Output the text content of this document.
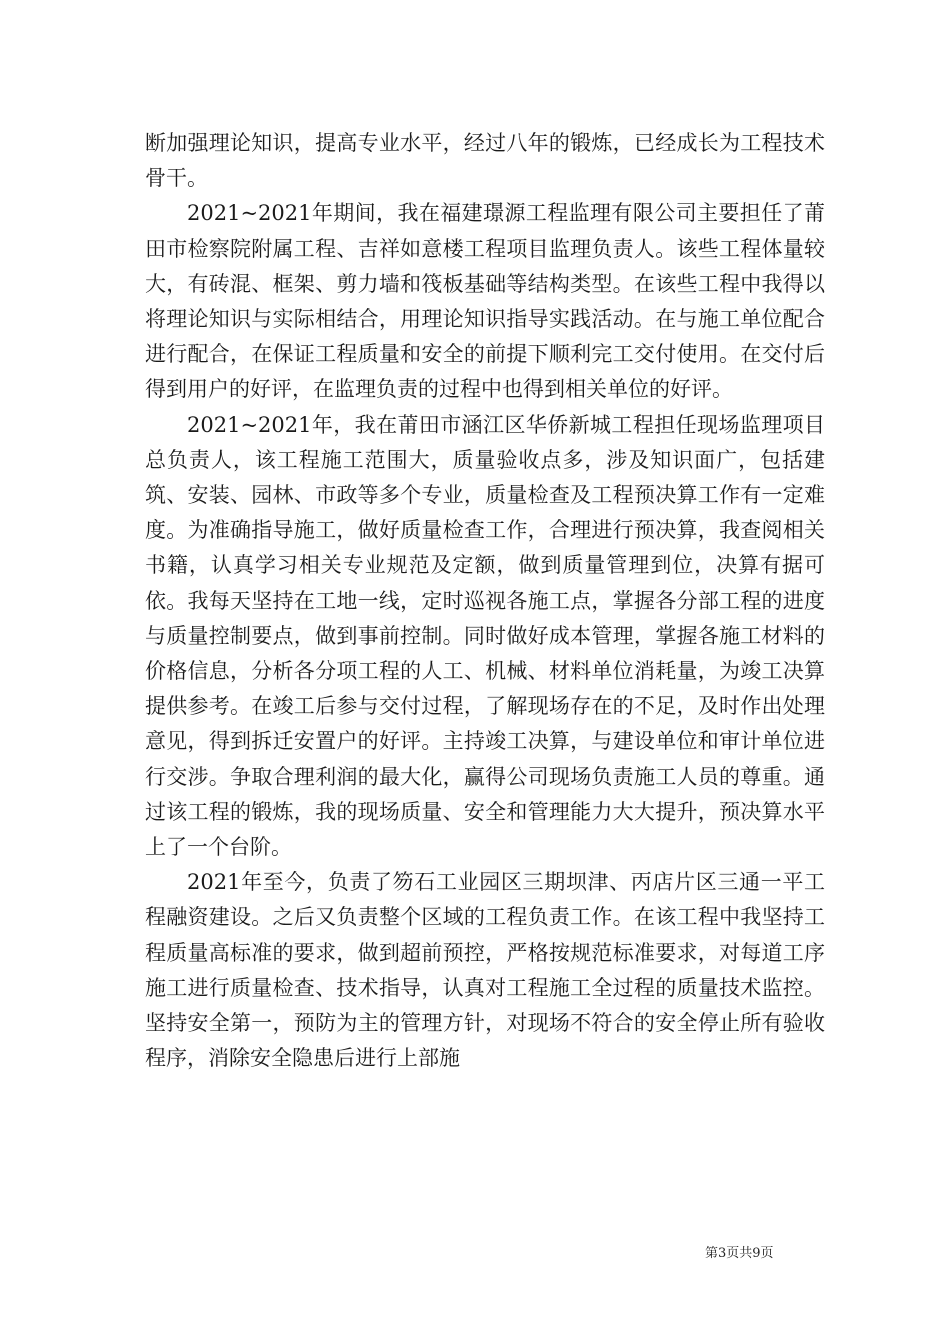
断加强理论知识，提高专业水平，经过八年的锻炼，已经成长为工程技术骨干。

2021~2021年期间，我在福建璟源工程监理有限公司主要担任了莆田市检察院附属工程、吉祥如意楼工程项目监理负责人。该些工程体量较大，有砖混、框架、剪力墙和筏板基础等结构类型。在该些工程中我得以将理论知识与实际相结合，用理论知识指导实践活动。在与施工单位配合进行配合，在保证工程质量和安全的前提下顺利完工交付使用。在交付后得到用户的好评，在监理负责的过程中也得到相关单位的好评。

2021~2021年，我在莆田市涵江区华侨新城工程担任现场监理项目总负责人，该工程施工范围大，质量验收点多，涉及知识面广，包括建筑、安装、园林、市政等多个专业，质量检查及工程预决算工作有一定难度。为准确指导施工，做好质量检查工作，合理进行预决算，我查阅相关书籍，认真学习相关专业规范及定额，做到质量管理到位，决算有据可依。我每天坚持在工地一线，定时巡视各施工点，掌握各分部工程的进度与质量控制要点，做到事前控制。同时做好成本管理，掌握各施工材料的价格信息，分析各分项工程的人工、机械、材料单位消耗量，为竣工决算提供参考。在竣工后参与交付过程，了解现场存在的不足，及时作出处理意见，得到拆迁安置户的好评。主持竣工决算，与建设单位和审计单位进行交涉。争取合理利润的最大化，赢得公司现场负责施工人员的尊重。通过该工程的锻炼，我的现场质量、安全和管理能力大大提升，预决算水平上了一个台阶。

2021年至今，负责了笏石工业园区三期坝津、丙店片区三通一平工程融资建设。之后又负责整个区域的工程负责工作。在该工程中我坚持工程质量高标准的要求，做到超前预控，严格按规范标准要求，对每道工序施工进行质量检查、技术指导，认真对工程施工全过程的质量技术监控。坚持安全第一，预防为主的管理方针，对现场不符合的安全停止所有验收程序，消除安全隐患后进行上部施

第3页共9页
